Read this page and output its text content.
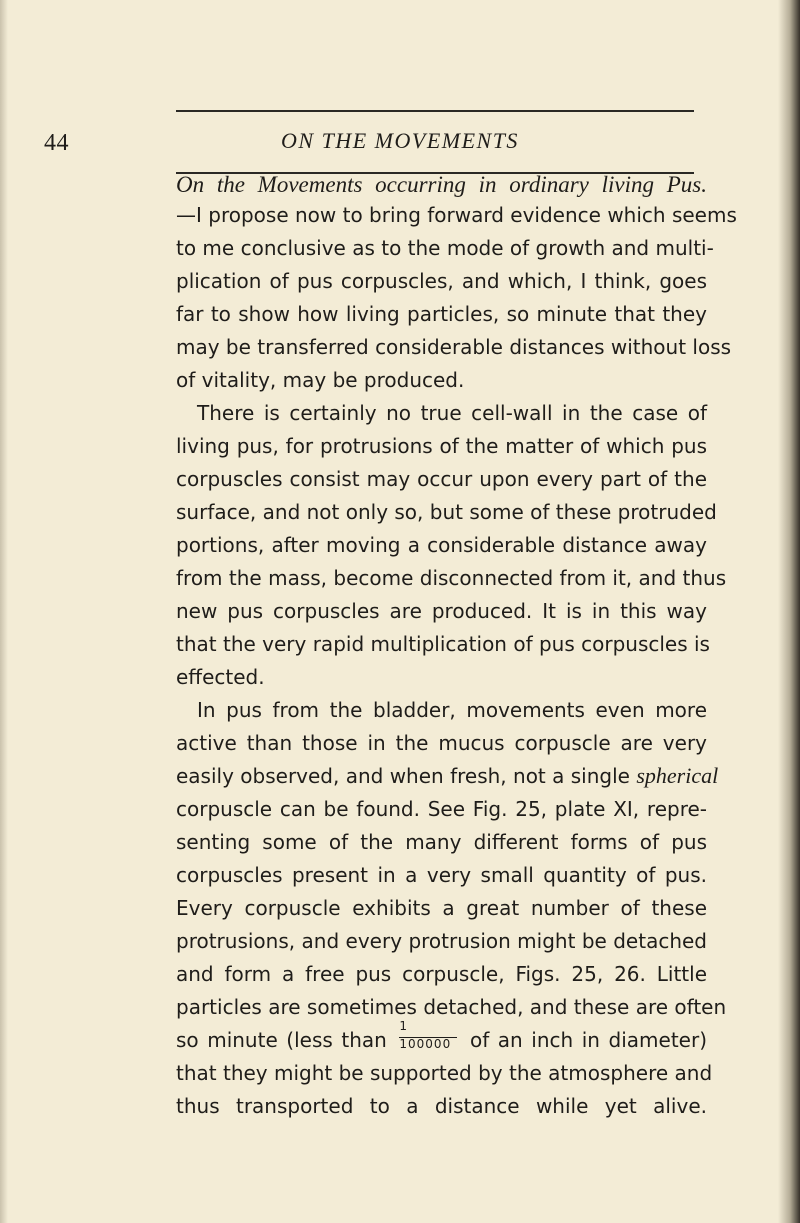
44	ON THE MOVEMENTS
On the Movements occurring in ordinary living Pus.
—I propose now to bring forward evidence which seems
to me conclusive as to the mode of growth and multi-
plication of pus corpuscles, and which, I think, goes
far to show how living particles, so minute that they
may be transferred considerable distances without loss
of vitality, may be produced.
There is certainly no true cell-wall in the case of
living pus, for protrusions of the matter of which pus
corpuscles consist may occur upon every part of the
surface, and not only so, but some of these protruded
portions, after moving a considerable distance away
from the mass, become disconnected from it, and thus
new pus corpuscles are produced. It is in this way
that the very rapid multiplication of pus corpuscles is
effected.
In pus from the bladder, movements even more
active than those in the mucus corpuscle are very
easily observed, and when fresh, not a single spherical
corpuscle can be found. See Fig. 25, plate XI, repre-
senting some of the many different forms of pus
corpuscles present in a very small quantity of pus.
Every corpuscle exhibits a great number of these
protrusions, and every protrusion might be detached
and form a free pus corpuscle, Figs. 25, 26. Little
particles are sometimes detached, and these are often
so minute (less than $\frac{1}{100000}$ of an inch in diameter)
that they might be supported by the atmosphere and
thus transported to a distance while yet alive.
